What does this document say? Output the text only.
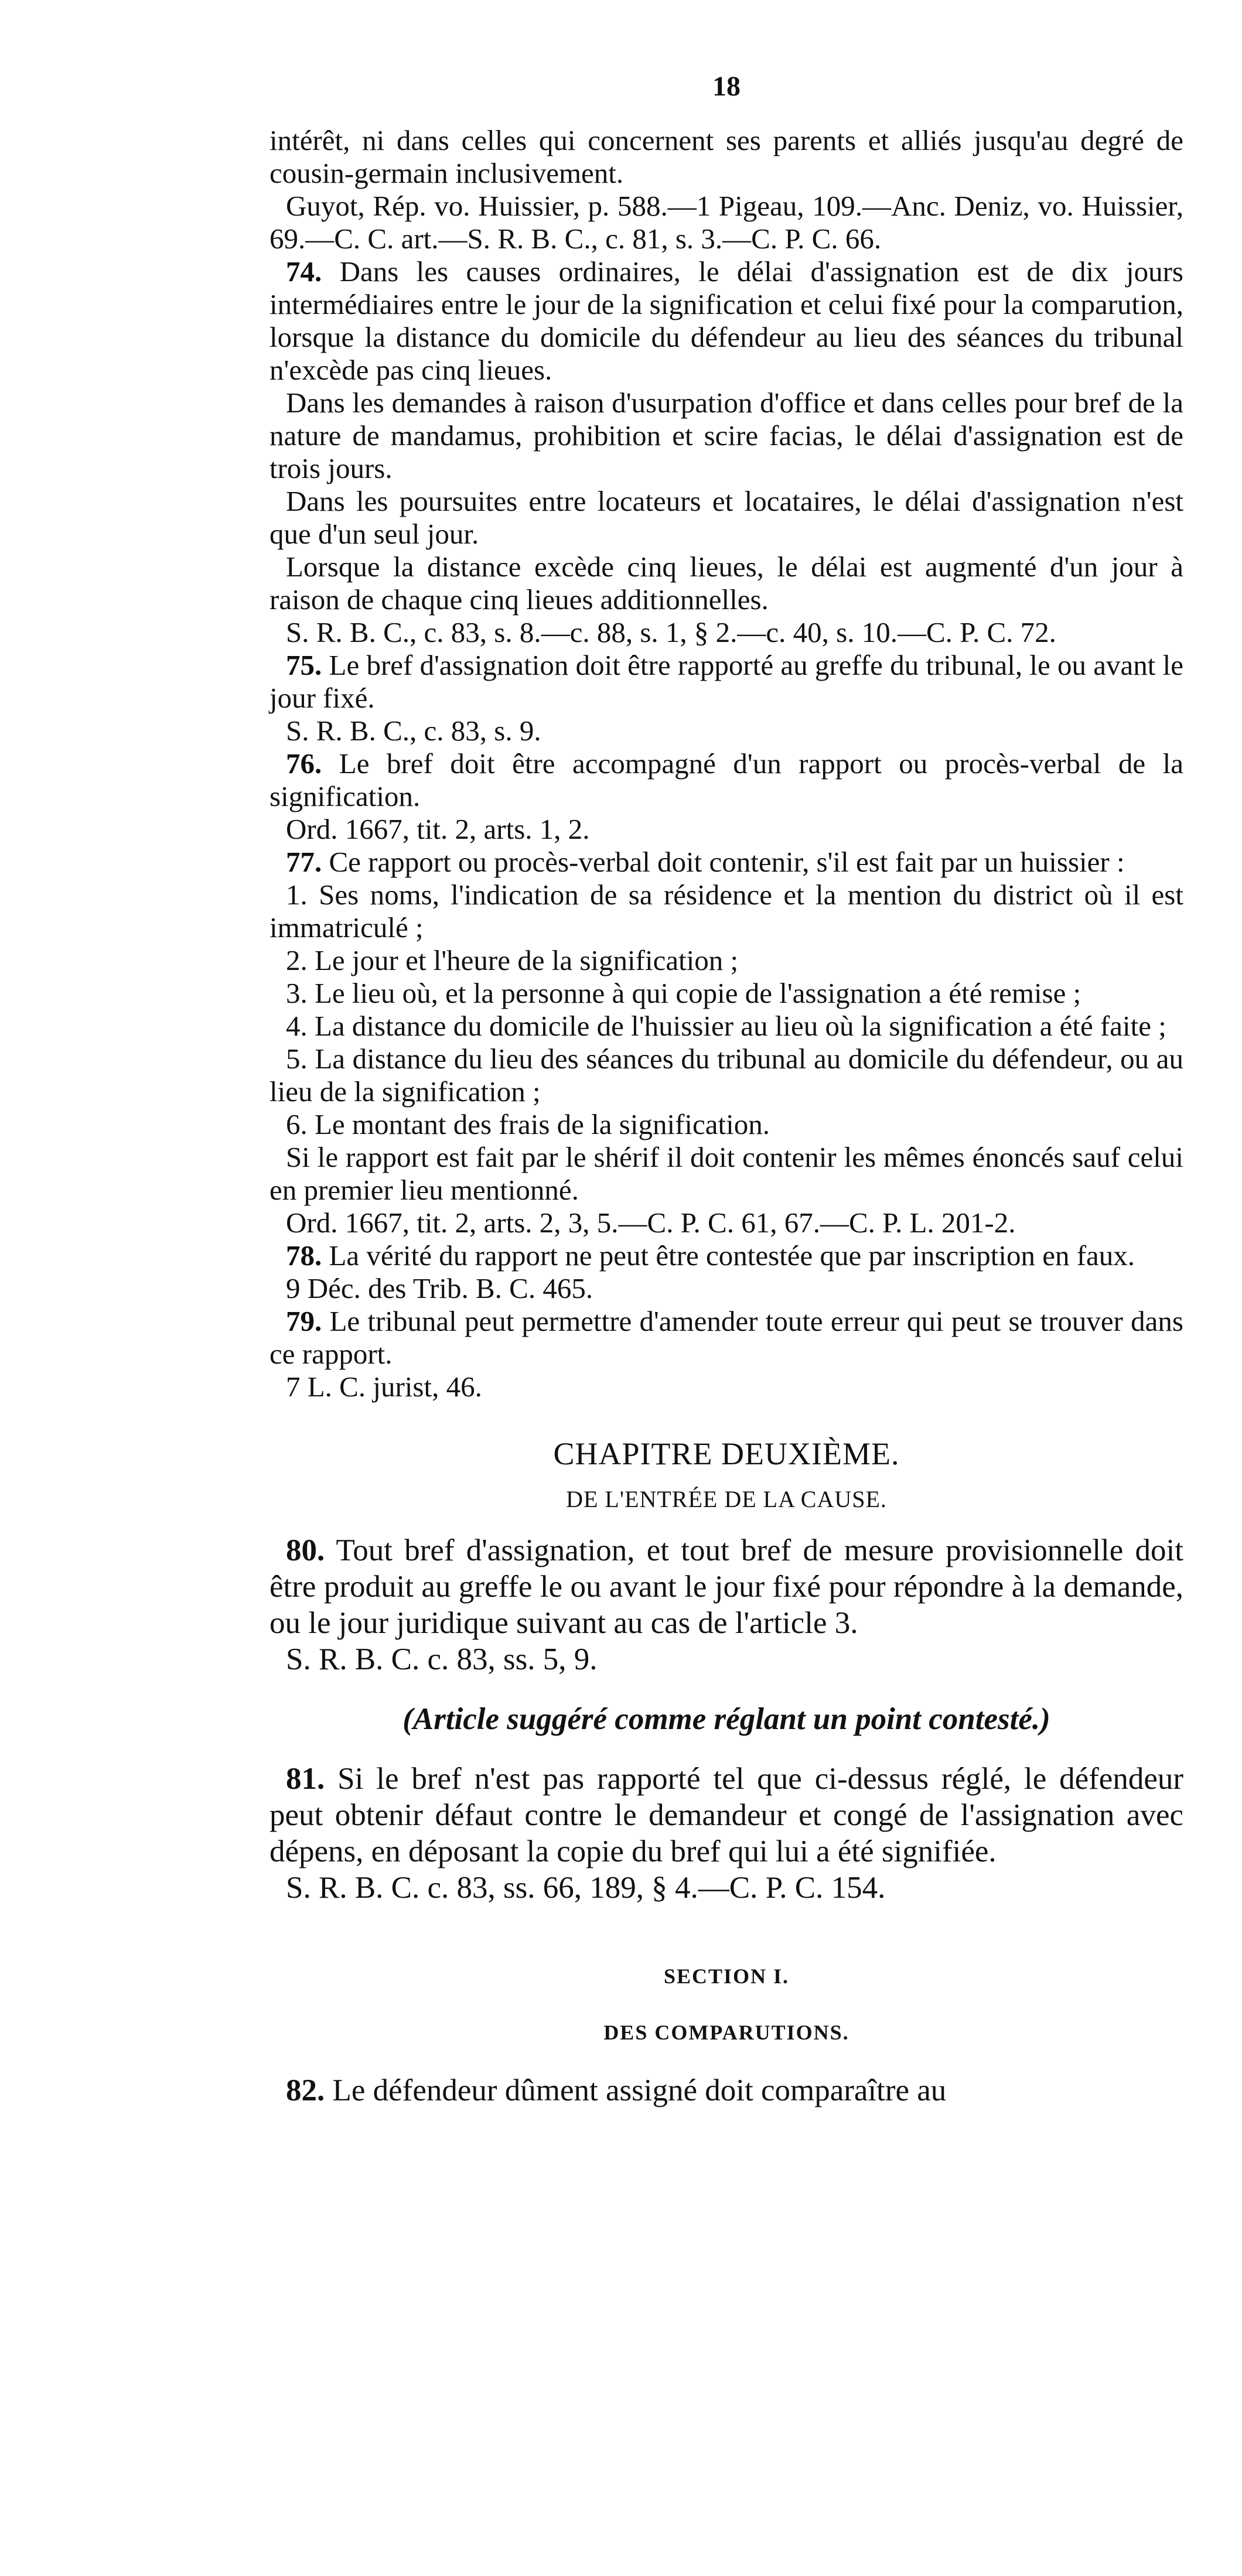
18

intérêt, ni dans celles qui concernent ses parents et alliés jusqu'au degré de cousin-germain inclusivement.

Guyot, Rép. vo. Huissier, p. 588.—1 Pigeau, 109.—Anc. Deniz, vo. Huissier, 69.—C. C. art.—S. R. B. C., c. 81, s. 3.—C. P. C. 66.

74. Dans les causes ordinaires, le délai d'assignation est de dix jours intermédiaires entre le jour de la signification et celui fixé pour la comparution, lorsque la distance du domicile du défendeur au lieu des séances du tribunal n'excède pas cinq lieues.

Dans les demandes à raison d'usurpation d'office et dans celles pour bref de la nature de mandamus, prohibition et scire facias, le délai d'assignation est de trois jours.

Dans les poursuites entre locateurs et locataires, le délai d'assignation n'est que d'un seul jour.

Lorsque la distance excède cinq lieues, le délai est augmenté d'un jour à raison de chaque cinq lieues additionnelles.

S. R. B. C., c. 83, s. 8.—c. 88, s. 1, § 2.—c. 40, s. 10.—C. P. C. 72.

75. Le bref d'assignation doit être rapporté au greffe du tribunal, le ou avant le jour fixé.

S. R. B. C., c. 83, s. 9.

76. Le bref doit être accompagné d'un rapport ou procès-verbal de la signification.

Ord. 1667, tit. 2, arts. 1, 2.

77. Ce rapport ou procès-verbal doit contenir, s'il est fait par un huissier :

1. Ses noms, l'indication de sa résidence et la mention du district où il est immatriculé ;

2. Le jour et l'heure de la signification ;

3. Le lieu où, et la personne à qui copie de l'assignation a été remise ;

4. La distance du domicile de l'huissier au lieu où la signification a été faite ;

5. La distance du lieu des séances du tribunal au domicile du défendeur, ou au lieu de la signification ;

6. Le montant des frais de la signification.

Si le rapport est fait par le shérif il doit contenir les mêmes énoncés sauf celui en premier lieu mentionné.

Ord. 1667, tit. 2, arts. 2, 3, 5.—C. P. C. 61, 67.—C. P. L. 201-2.

78. La vérité du rapport ne peut être contestée que par inscription en faux.

9 Déc. des Trib. B. C. 465.

79. Le tribunal peut permettre d'amender toute erreur qui peut se trouver dans ce rapport.

7 L. C. jurist, 46.

CHAPITRE DEUXIÈME.
DE L'ENTRÉE DE LA CAUSE.

80. Tout bref d'assignation, et tout bref de mesure provisionnelle doit être produit au greffe le ou avant le jour fixé pour répondre à la demande, ou le jour juridique suivant au cas de l'article 3.

S. R. B. C. c. 83, ss. 5, 9.

(Article suggéré comme réglant un point contesté.)

81. Si le bref n'est pas rapporté tel que ci-dessus réglé, le défendeur peut obtenir défaut contre le demandeur et congé de l'assignation avec dépens, en déposant la copie du bref qui lui a été signifiée.

S. R. B. C. c. 83, ss. 66, 189, § 4.—C. P. C. 154.

SECTION I.
DES COMPARUTIONS.

82. Le défendeur dûment assigné doit comparaître au
